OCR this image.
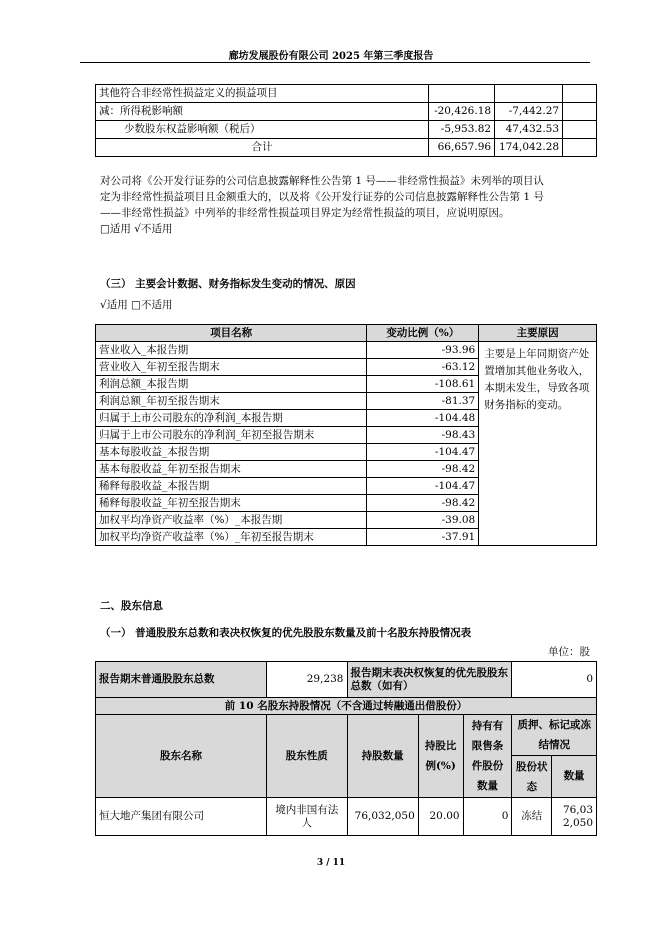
廊坊发展股份有限公司 2025 年第三季度报告
其他符合非经常性损益定义的损益项目			
减：所得税影响额	-20,426.18	-7,442.27	
少数股东权益影响额（税后）	-5,953.82	47,432.53	
合计	66,657.96	174,042.28	
对公司将《公开发行证券的公司信息披露解释性公告第 1 号——非经常性损益》未列举的项目认
定为非经常性损益项目且金额重大的，以及将《公开发行证券的公司信息披露解释性公告第 1 号
——非经常性损益》中列举的非经常性损益项目界定为经常性损益的项目，应说明原因。
□适用 √不适用
（三） 主要会计数据、财务指标发生变动的情况、原因
√适用 □不适用
项目名称	变动比例（%）	主要原因
营业收入_本报告期	-93.96	主要是上年同期资产处置增加其他业务收入，本期未发生，导致各项财务指标的变动。
营业收入_年初至报告期末	-63.12	
利润总额_本报告期	-108.61	
利润总额_年初至报告期末	-81.37	
归属于上市公司股东的净利润_本报告期	-104.48	
归属于上市公司股东的净利润_年初至报告期末	-98.43	
基本每股收益_本报告期	-104.47	
基本每股收益_年初至报告期末	-98.42	
稀释每股收益_本报告期	-104.47	
稀释每股收益_年初至报告期末	-98.42	
加权平均净资产收益率（%）_本报告期	-39.08	
加权平均净资产收益率（%）_年初至报告期末	-37.91	
二、股东信息
（一） 普通股股东总数和表决权恢复的优先股股东数量及前十名股东持股情况表
单位：股
报告期末普通股股东总数	29,238	报告期末表决权恢复的优先股股东总数（如有）			0	
前 10 名股东持股情况（不含通过转融通出借股份）						
股东名称	股东性质	持股数量	持股比例(%)	持有有限售条件股份数量	质押、标记或冻结情况	
					股份状态	数量
恒大地产集团有限公司	境内非国有法人	76,032,050	20.00	0	冻结	76,032,050
3 / 11
